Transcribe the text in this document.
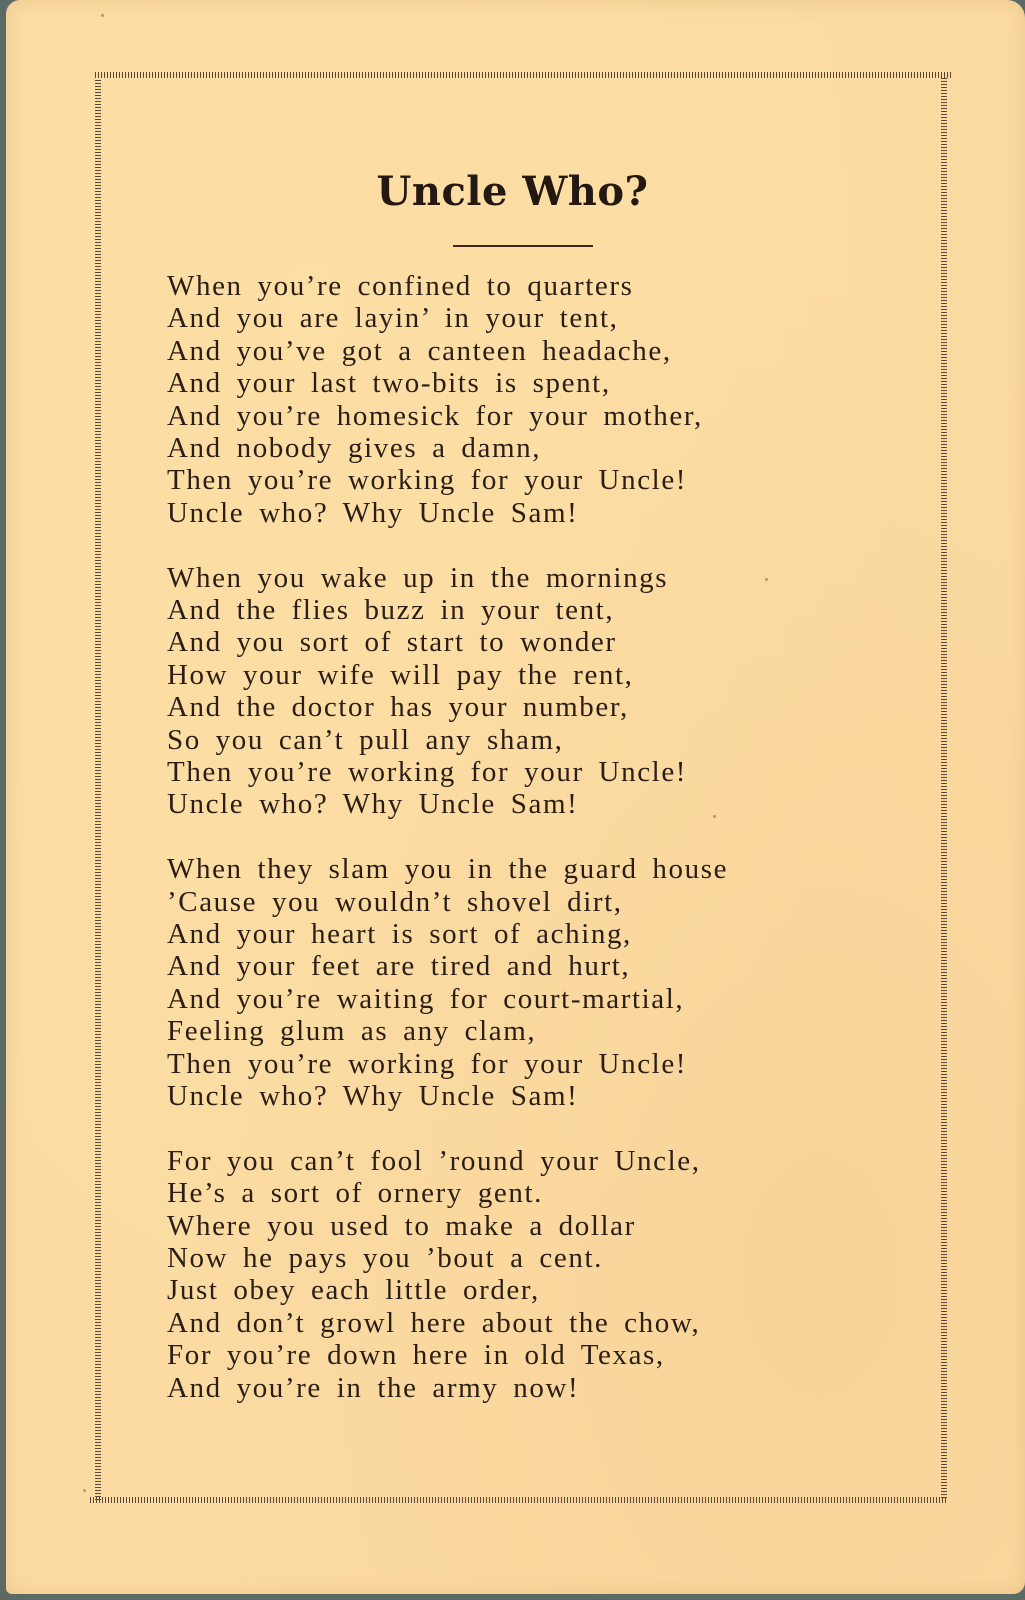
Uncle Who?
When you’re confined to quarters
And you are layin’ in your tent,
And you’ve got a canteen headache,
And your last two-bits is spent,
And you’re homesick for your mother,
And nobody gives a damn,
Then you’re working for your Uncle!
Uncle who? Why Uncle Sam!
When you wake up in the mornings
And the flies buzz in your tent,
And you sort of start to wonder
How your wife will pay the rent,
And the doctor has your number,
So you can’t pull any sham,
Then you’re working for your Uncle!
Uncle who? Why Uncle Sam!
When they slam you in the guard house
’Cause you wouldn’t shovel dirt,
And your heart is sort of aching,
And your feet are tired and hurt,
And you’re waiting for court-martial,
Feeling glum as any clam,
Then you’re working for your Uncle!
Uncle who? Why Uncle Sam!
For you can’t fool ’round your Uncle,
He’s a sort of ornery gent.
Where you used to make a dollar
Now he pays you ’bout a cent.
Just obey each little order,
And don’t growl here about the chow,
For you’re down here in old Texas,
And you’re in the army now!
